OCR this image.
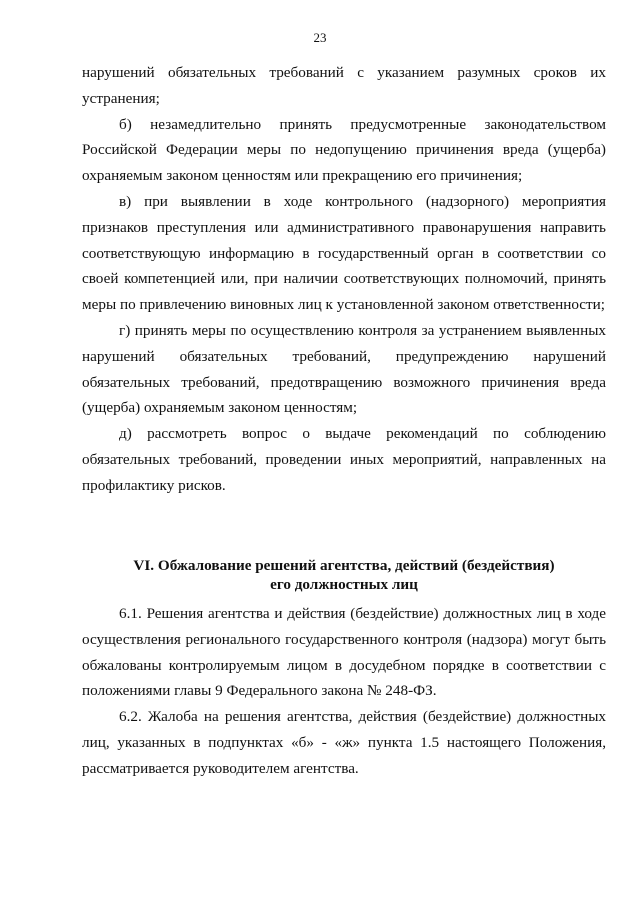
23

нарушений обязательных требований с указанием разумных сроков их устранения;

б) незамедлительно принять предусмотренные законодательством Российской Федерации меры по недопущению причинения вреда (ущерба) охраняемым законом ценностям или прекращению его причинения;

в) при выявлении в ходе контрольного (надзорного) мероприятия признаков преступления или административного правонарушения направить соответствующую информацию в государственный орган в соответствии со своей компетенцией или, при наличии соответствующих полномочий, принять меры по привлечению виновных лиц к установленной законом ответственности;

г) принять меры по осуществлению контроля за устранением выявленных нарушений обязательных требований, предупреждению нарушений обязательных требований, предотвращению возможного причинения вреда (ущерба) охраняемым законом ценностям;

д) рассмотреть вопрос о выдаче рекомендаций по соблюдению обязательных требований, проведении иных мероприятий, направленных на профилактику рисков.

VI. Обжалование решений агентства, действий (бездействия)
его должностных лиц

6.1. Решения агентства и действия (бездействие) должностных лиц в ходе осуществления регионального государственного контроля (надзора) могут быть обжалованы контролируемым лицом в досудебном порядке в соответствии с положениями главы 9 Федерального закона № 248-ФЗ.

6.2. Жалоба на решения агентства, действия (бездействие) должностных лиц, указанных в подпунктах «б» - «ж» пункта 1.5 настоящего Положения, рассматривается руководителем агентства.
